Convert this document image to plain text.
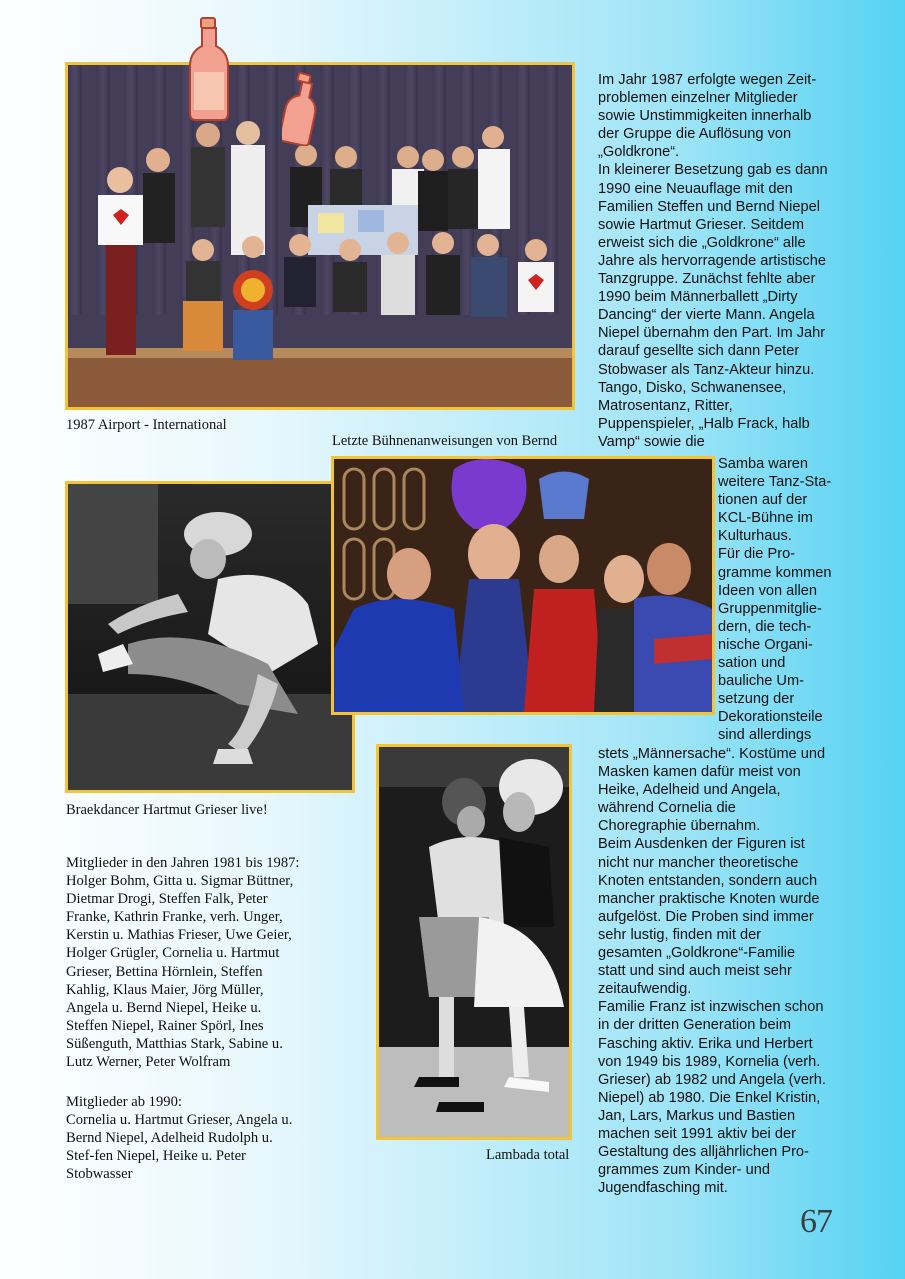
1987 Airport - International
Letzte Bühnenanweisungen von Bernd
Im Jahr 1987 erfolgte wegen Zeit-
problemen einzelner Mitglieder
sowie Unstimmigkeiten innerhalb
der Gruppe die Auflösung von
„Goldkrone“.
In kleinerer Besetzung gab es dann
1990 eine Neuauflage mit den
Familien Steffen und Bernd Niepel
sowie Hartmut Grieser. Seitdem
erweist sich die „Goldkrone“ alle
Jahre als hervorragende artistische
Tanzgruppe. Zunächst fehlte aber
1990 beim Männerballett „Dirty
Dancing“ der vierte Mann. Angela
Niepel übernahm den Part. Im Jahr
darauf gesellte sich dann Peter
Stobwaser als Tanz-Akteur hinzu.
Tango, Disko, Schwanensee,
Matrosentanz, Ritter,
Puppenspieler, „Halb Frack, halb
Vamp“ sowie die
Samba waren
weitere Tanz-Sta-
tionen auf der
KCL-Bühne im
Kulturhaus.
Für die Pro-
gramme kommen
Ideen von allen
Gruppenmitglie-
dern, die tech-
nische Organi-
sation und
bauliche Um-
setzung der
Dekorationsteile
sind allerdings
Braekdancer Hartmut Grieser live!
Lambada total
Mitglieder in den Jahren 1981 bis 1987:
Holger Bohm, Gitta u. Sigmar Büttner,
Dietmar Drogi, Steffen Falk, Peter
Franke, Kathrin Franke, verh. Unger,
Kerstin u. Mathias Frieser, Uwe Geier,
Holger Grügler, Cornelia u. Hartmut
Grieser, Bettina Hörnlein, Steffen
Kahlig, Klaus Maier, Jörg Müller,
Angela u. Bernd Niepel, Heike u.
Steffen Niepel, Rainer Spörl, Ines
Süßenguth, Matthias Stark, Sabine u.
Lutz Werner, Peter Wolfram
Mitglieder ab 1990:
Cornelia u. Hartmut Grieser, Angela u.
Bernd Niepel, Adelheid Rudolph u.
Stef-fen Niepel, Heike u. Peter
Stobwasser
stets „Männersache“. Kostüme und
Masken kamen dafür meist von
Heike, Adelheid und Angela,
während Cornelia die
Choregraphie übernahm.
Beim Ausdenken der Figuren ist
nicht nur mancher theoretische
Knoten entstanden, sondern auch
mancher praktische Knoten wurde
aufgelöst. Die Proben sind immer
sehr lustig, finden mit der
gesamten „Goldkrone“-Familie
statt und sind auch meist sehr
zeitaufwendig.
Familie Franz ist inzwischen schon
in der dritten Generation beim
Fasching aktiv. Erika und Herbert
von 1949 bis 1989, Kornelia (verh.
Grieser) ab 1982 und Angela (verh.
Niepel) ab 1980. Die Enkel Kristin,
Jan, Lars, Markus und Bastien
machen seit 1991 aktiv bei der
Gestaltung des alljährlichen Pro-
grammes zum Kinder- und
Jugendfasching mit.
67
